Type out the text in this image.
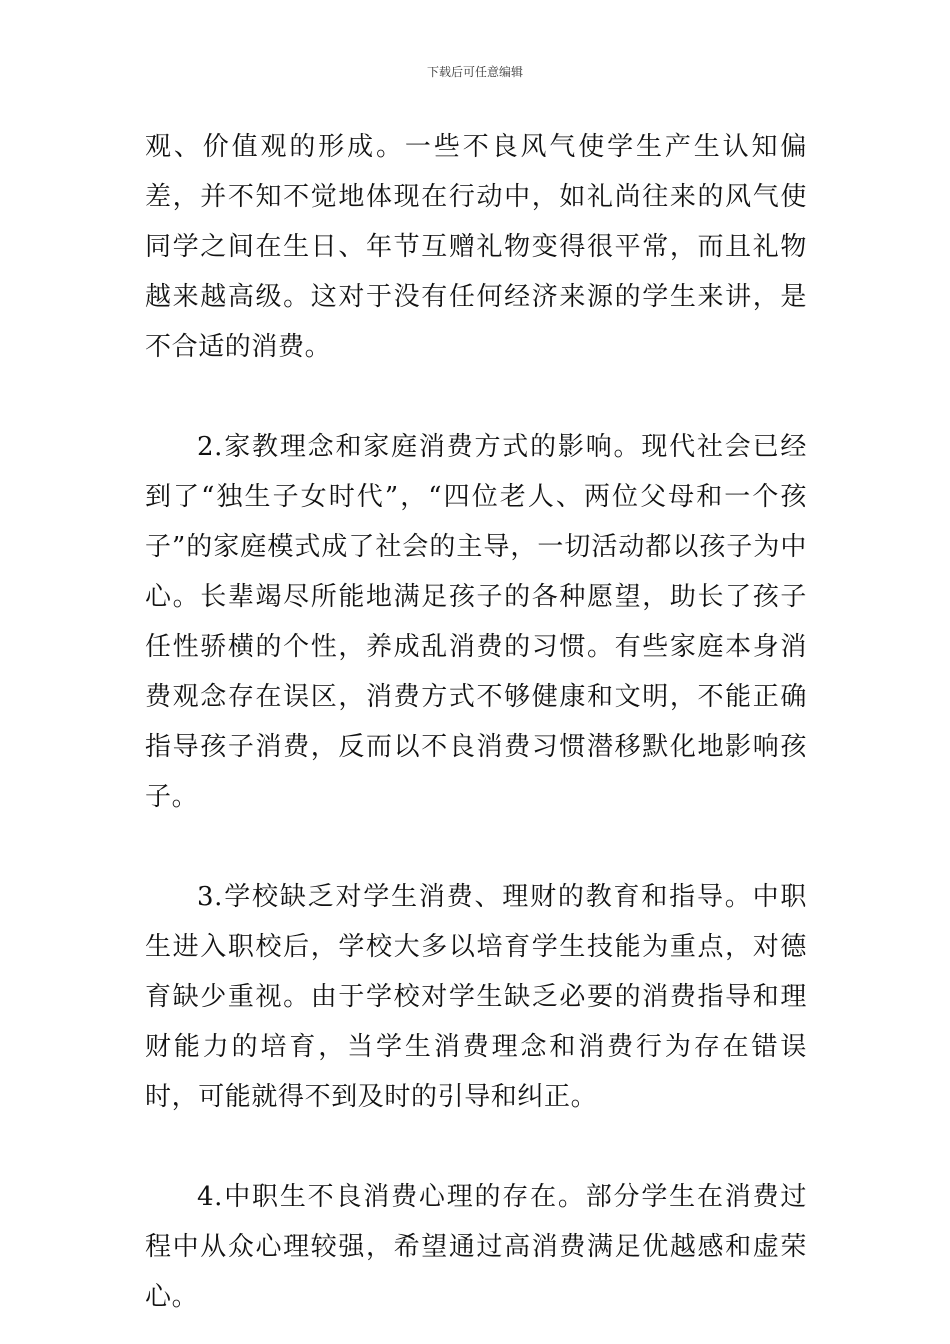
下载后可任意编辑

观、价值观的形成。一些不良风气使学生产生认知偏差，并不知不觉地体现在行动中，如礼尚往来的风气使同学之间在生日、年节互赠礼物变得很平常，而且礼物越来越高级。这对于没有任何经济来源的学生来讲，是不合适的消费。

2.家教理念和家庭消费方式的影响。现代社会已经到了“独生子女时代”，“四位老人、两位父母和一个孩子”的家庭模式成了社会的主导，一切活动都以孩子为中心。长辈竭尽所能地满足孩子的各种愿望，助长了孩子任性骄横的个性，养成乱消费的习惯。有些家庭本身消费观念存在误区，消费方式不够健康和文明，不能正确指导孩子消费，反而以不良消费习惯潜移默化地影响孩子。

3.学校缺乏对学生消费、理财的教育和指导。中职生进入职校后，学校大多以培育学生技能为重点，对德育缺少重视。由于学校对学生缺乏必要的消费指导和理财能力的培育，当学生消费理念和消费行为存在错误时，可能就得不到及时的引导和纠正。

4.中职生不良消费心理的存在。部分学生在消费过程中从众心理较强，希望通过高消费满足优越感和虚荣心。
